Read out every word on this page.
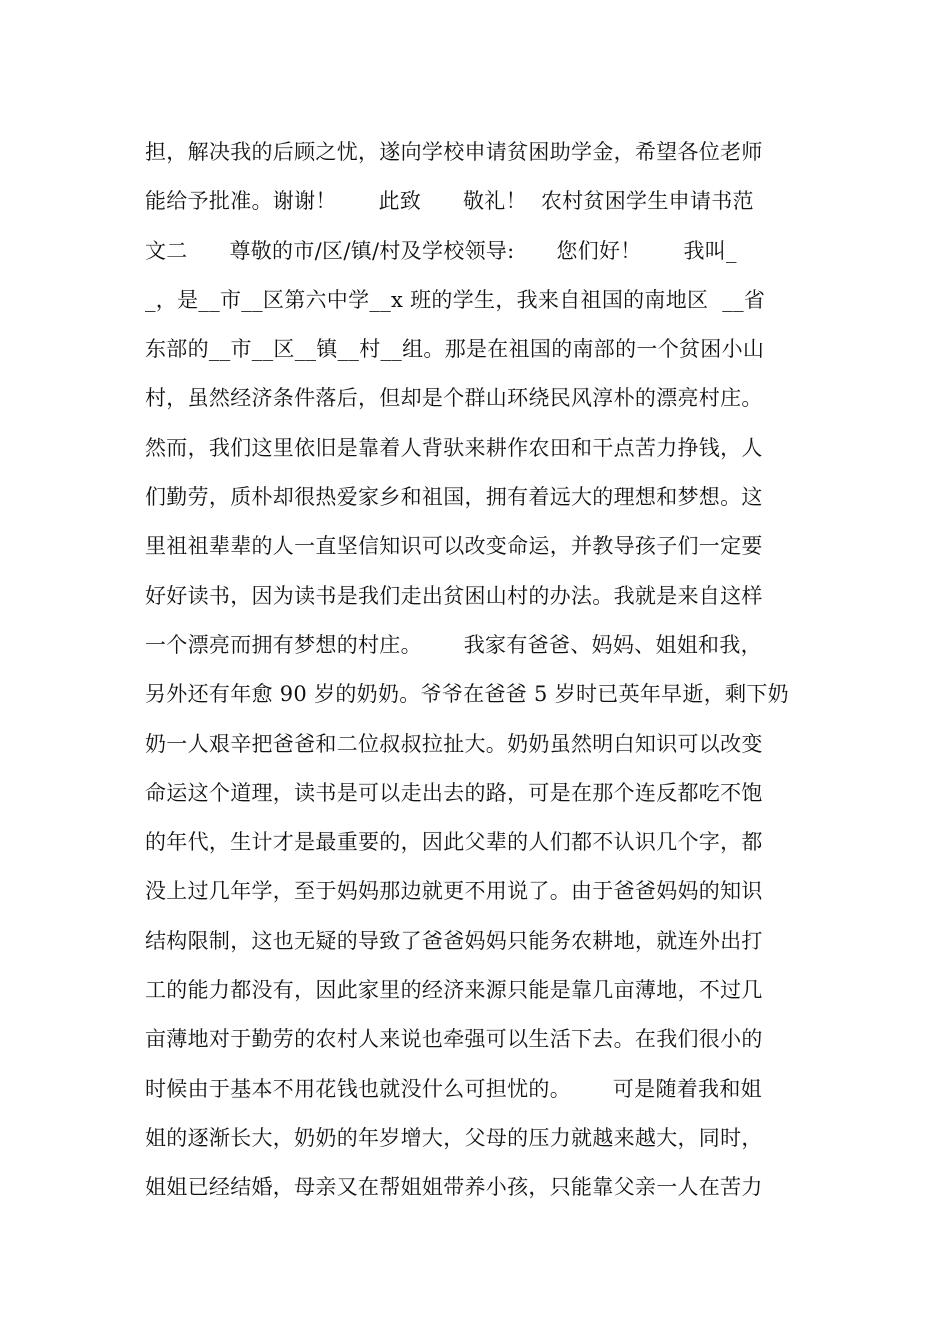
担，解决我的后顾之忧，遂向学校申请贫困助学金，希望各位老师
能给予批准。谢谢！      此致      敬礼！  农村贫困学生申请书范
文二      尊敬的市/区/镇/村及学校领导:      您们好！      我叫_
_，是__市__区第六中学__x 班的学生，我来自祖国的南地区  __省
东部的__市__区__镇__村__组。那是在祖国的南部的一个贫困小山
村，虽然经济条件落后，但却是个群山环绕民风淳朴的漂亮村庄。
然而，我们这里依旧是靠着人背驮来耕作农田和干点苦力挣钱，人
们勤劳，质朴却很热爱家乡和祖国，拥有着远大的理想和梦想。这
里祖祖辈辈的人一直坚信知识可以改变命运，并教导孩子们一定要
好好读书，因为读书是我们走出贫困山村的办法。我就是来自这样
一个漂亮而拥有梦想的村庄。      我家有爸爸、妈妈、姐姐和我，
另外还有年愈 90 岁的奶奶。爷爷在爸爸 5 岁时已英年早逝，剩下奶
奶一人艰辛把爸爸和二位叔叔拉扯大。奶奶虽然明白知识可以改变
命运这个道理，读书是可以走出去的路，可是在那个连反都吃不饱
的年代，生计才是最重要的，因此父辈的人们都不认识几个字，都
没上过几年学，至于妈妈那边就更不用说了。由于爸爸妈妈的知识
结构限制，这也无疑的导致了爸爸妈妈只能务农耕地，就连外出打
工的能力都没有，因此家里的经济来源只能是靠几亩薄地，不过几
亩薄地对于勤劳的农村人来说也牵强可以生活下去。在我们很小的
时候由于基本不用花钱也就没什么可担忧的。      可是随着我和姐
姐的逐渐长大，奶奶的年岁增大，父母的压力就越来越大，同时，
姐姐已经结婚，母亲又在帮姐姐带养小孩，只能靠父亲一人在苦力
